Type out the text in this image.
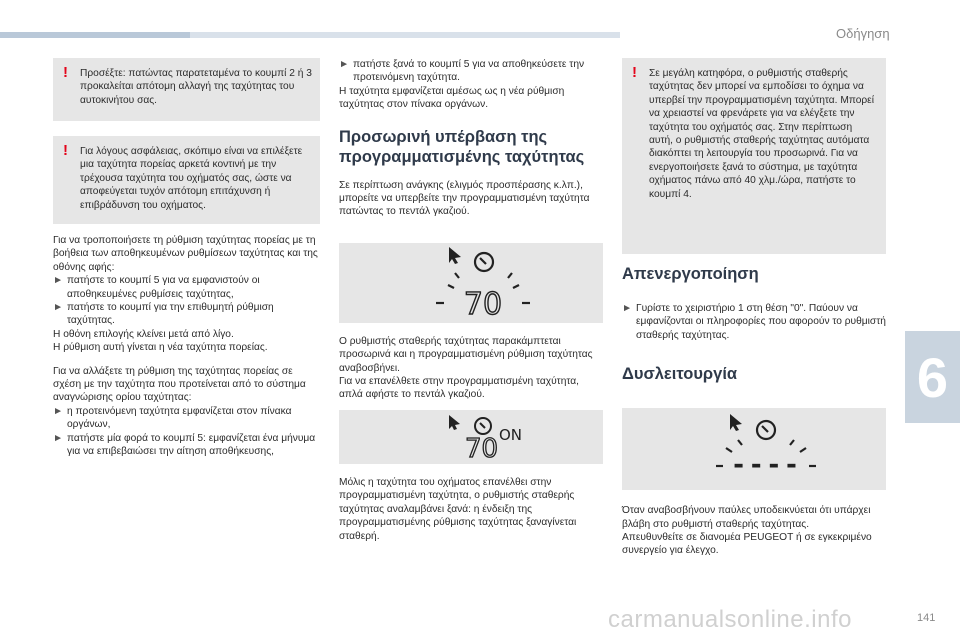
Οδήγηση
6
141
! Προσέξτε: πατώντας παρατεταμένα το κουμπί 2 ή 3 προκαλείται απότομη αλλαγή της ταχύτητας του αυτοκινήτου σας.
! Για λόγους ασφάλειας, σκόπιμο είναι να επιλέξετε μια ταχύτητα πορείας αρκετά κοντινή με την τρέχουσα ταχύτητα του οχήματός σας, ώστε να αποφεύγεται τυχόν απότομη επιτάχυνση ή επιβράδυνση του οχήματος.

Για να τροποποιήσετε τη ρύθμιση ταχύτητας πορείας με τη βοήθεια των αποθηκευμένων ρυθμίσεων ταχύτητας και της οθόνης αφής:

► πατήστε το κουμπί 5 για να εμφανιστούν οι αποθηκευμένες ρυθμίσεις ταχύτητας,
► πατήστε το κουμπί για την επιθυμητή ρύθμιση ταχύτητας.

Η οθόνη επιλογής κλείνει μετά από λίγο.

Η ρύθμιση αυτή γίνεται η νέα ταχύτητα πορείας.

Για να αλλάξετε τη ρύθμιση της ταχύτητας πορείας σε σχέση με την ταχύτητα που προτείνεται από το σύστημα αναγνώρισης ορίου ταχύτητας:

► η προτεινόμενη ταχύτητα εμφανίζεται στον πίνακα οργάνων,
► πατήστε μία φορά το κουμπί 5: εμφανίζεται ένα μήνυμα για να επιβεβαιώσει την αίτηση αποθήκευσης,
► πατήστε ξανά το κουμπί 5 για να αποθηκεύσετε την προτεινόμενη ταχύτητα.

Η ταχύτητα εμφανίζεται αμέσως ως η νέα ρύθμιση ταχύτητας στον πίνακα οργάνων.

Προσωρινή υπέρβαση της προγραμματισμένης ταχύτητας

Σε περίπτωση ανάγκης (ελιγμός προσπέρασης κ.λπ.), μπορείτε να υπερβείτε την προγραμματισμένη ταχύτητα πατώντας το πεντάλ γκαζιού.

70

Ο ρυθμιστής σταθερής ταχύτητας παρακάμπτεται προσωρινά και η προγραμματισμένη ρύθμιση ταχύτητας αναβοσβήνει.

Για να επανέλθετε στην προγραμματισμένη ταχύτητα, απλά αφήστε το πεντάλ γκαζιού.

70 ON

Μόλις η ταχύτητα του οχήματος επανέλθει στην προγραμματισμένη ταχύτητα, ο ρυθμιστής σταθερής ταχύτητας αναλαμβάνει ξανά: η ένδειξη της προγραμματισμένης ρύθμισης ταχύτητας ξαναγίνεται σταθερή.

! Σε μεγάλη κατηφόρα, ο ρυθμιστής σταθερής ταχύτητας δεν μπορεί να εμποδίσει το όχημα να υπερβεί την προγραμματισμένη ταχύτητα. Μπορεί να χρειαστεί να φρενάρετε για να ελέγξετε την ταχύτητα του οχήματός σας. Στην περίπτωση αυτή, ο ρυθμιστής σταθερής ταχύτητας αυτόματα διακόπτει τη λειτουργία του προσωρινά. Για να ενεργοποιήσετε ξανά το σύστημα, με ταχύτητα οχήματος πάνω από 40 χλμ./ώρα, πατήστε το κουμπί 4.
Απενεργοποίηση
► Γυρίστε το χειριστήριο 1 στη θέση "0". Παύουν να εμφανίζονται οι πληροφορίες που αφορούν το ρυθμιστή σταθερής ταχύτητας.
Δυσλειτουργία
----

Όταν αναβοσβήνουν παύλες υποδεικνύεται ότι υπάρχει βλάβη στο ρυθμιστή σταθερής ταχύτητας.

Απευθυνθείτε σε διανομέα PEUGEOT ή σε εγκεκριμένο συνεργείο για έλεγχο.

carmanualsonline.info
